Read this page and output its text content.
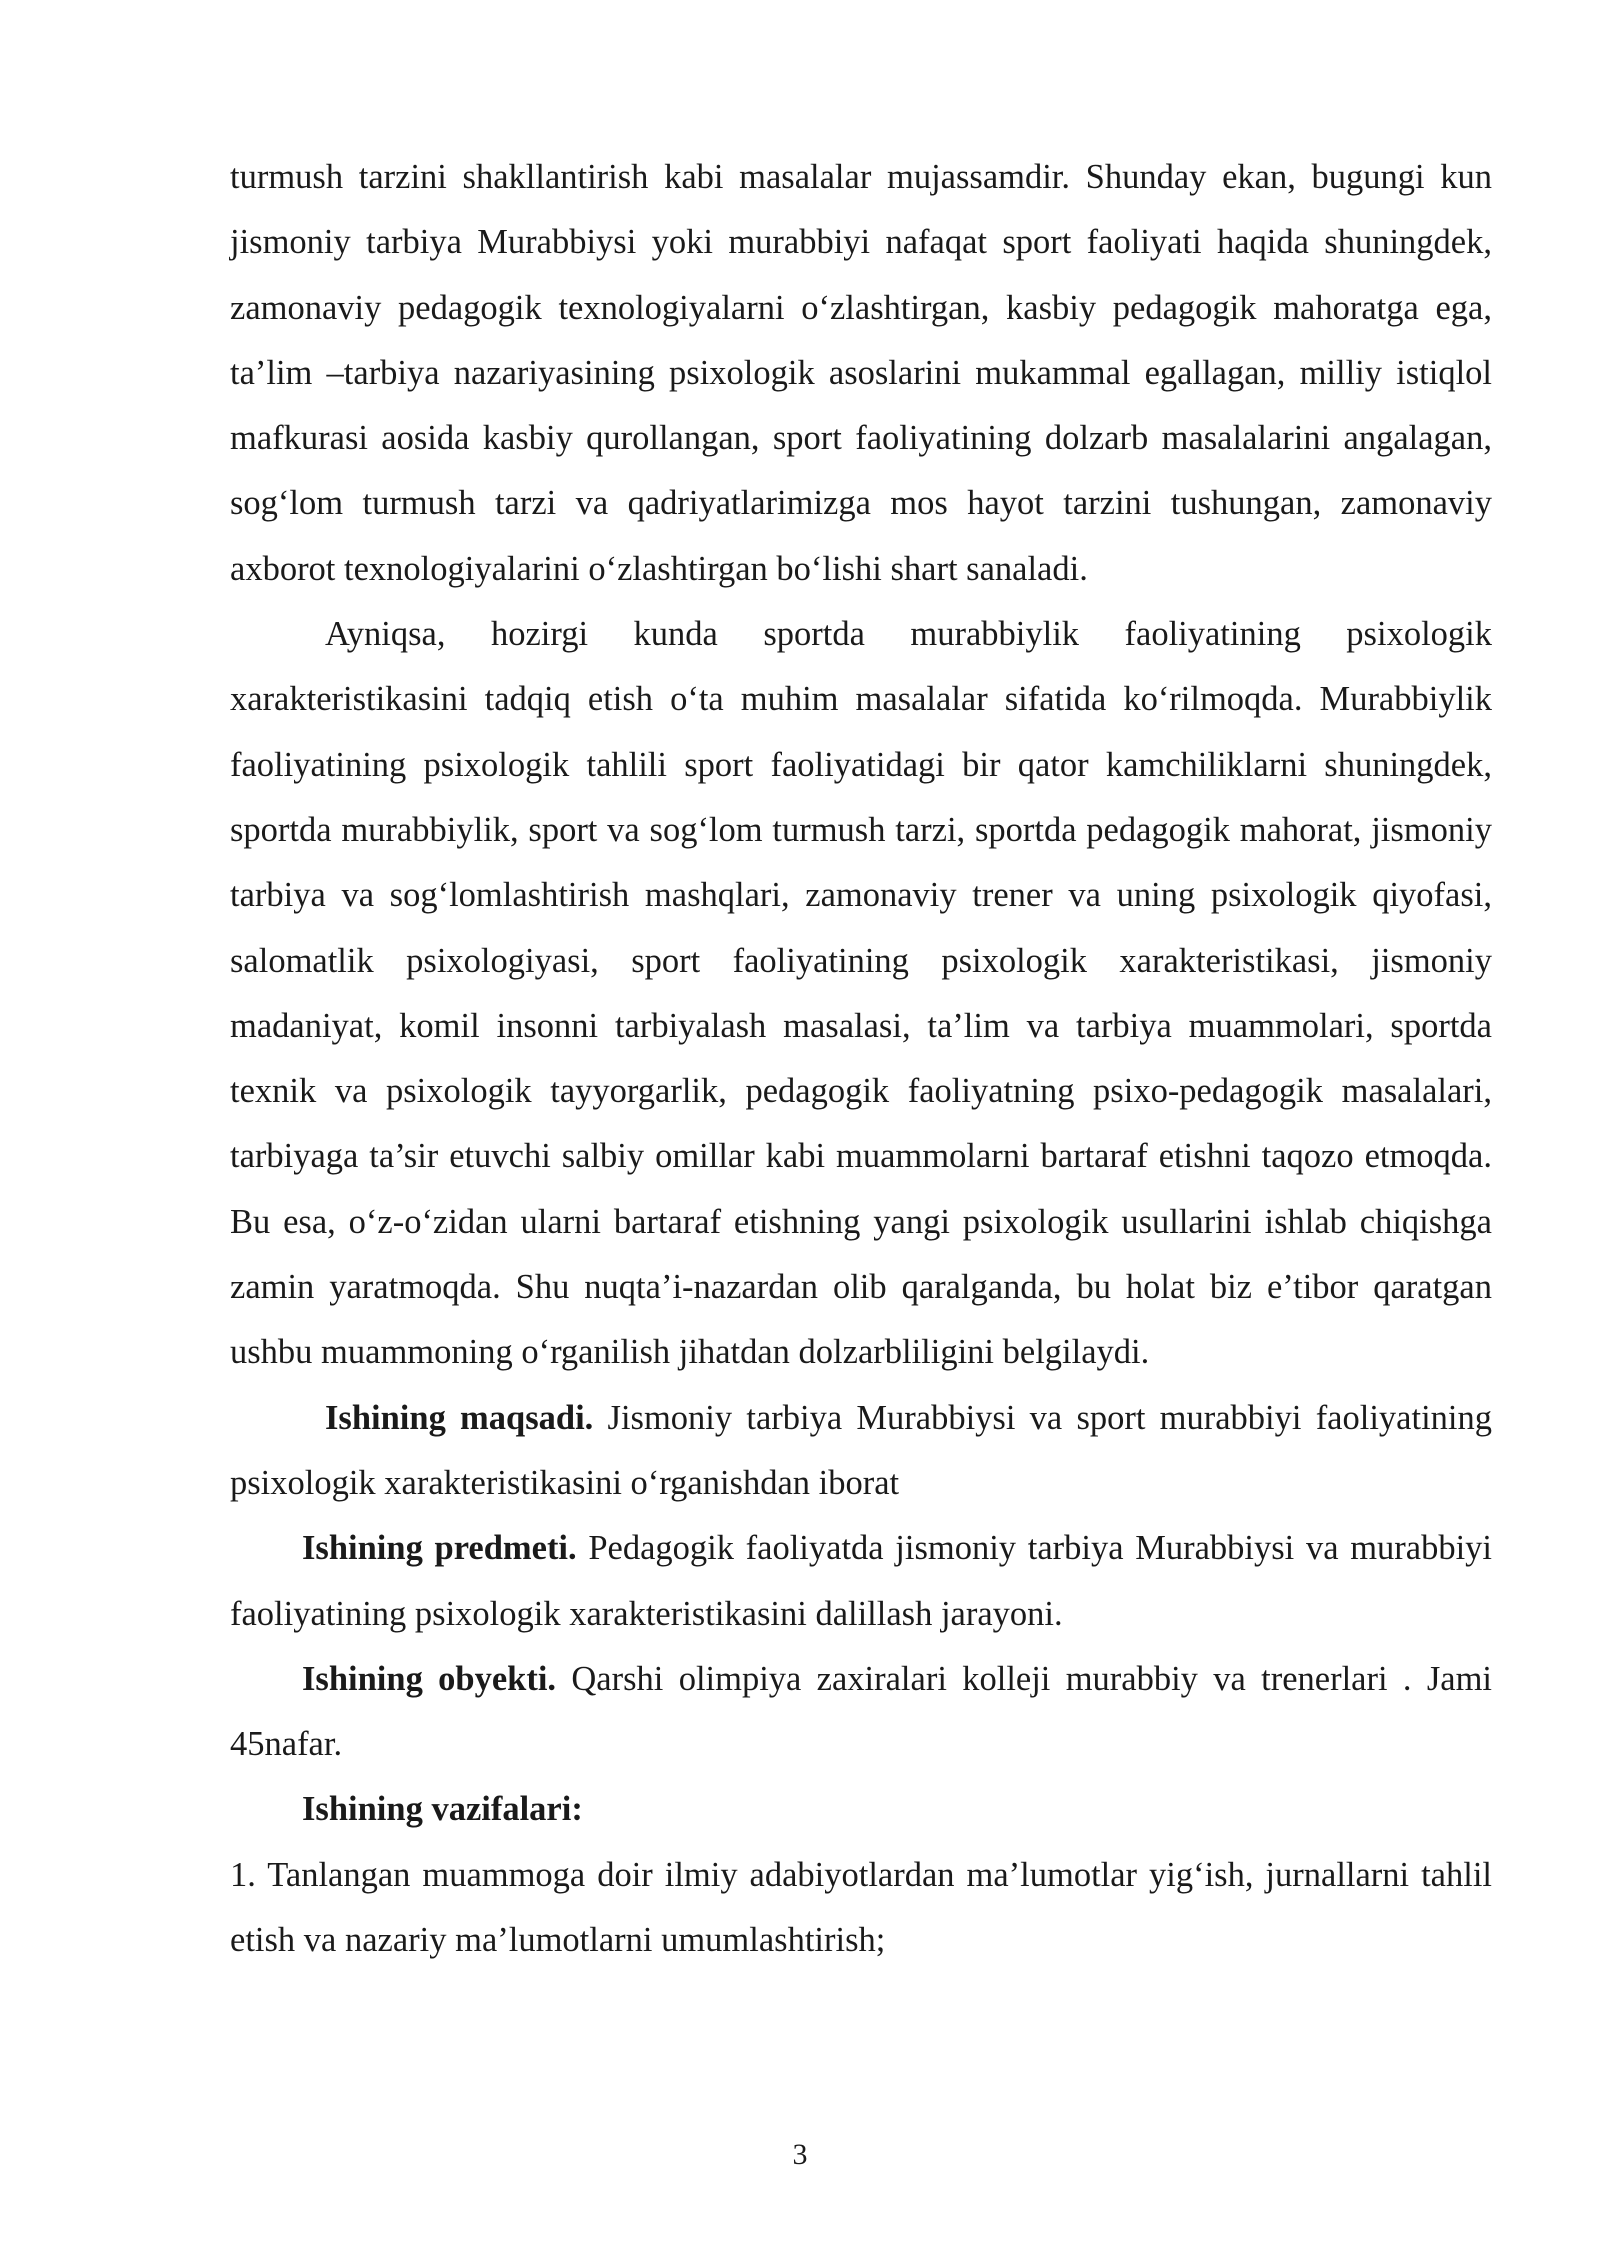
turmush tarzini shakllantirish kabi masalalar mujassamdir. Shunday ekan, bugungi kun jismoniy tarbiya Murabbiysi yoki murabbiyi nafaqat sport faoliyati haqida shuningdek, zamonaviy pedagogik texnologiyalarni o‘zlashtirgan, kasbiy pedagogik mahoratga ega, ta’lim –tarbiya nazariyasining psixologik asoslarini mukammal egallagan, milliy istiqlol mafkurasi aosida kasbiy qurollangan, sport faoliyatining dolzarb masalalarini angalagan, sog‘lom turmush tarzi va qadriyatlarimizga mos hayot tarzini tushungan, zamonaviy axborot texnologiyalarini o‘zlashtirgan bo‘lishi shart sanaladi.

Ayniqsa, hozirgi kunda sportda murabbiylik faoliyatining psixologik xarakteristikasini tadqiq etish o‘ta muhim masalalar sifatida ko‘rilmoqda. Murabbiylik faoliyatining psixologik tahlili sport faoliyatidagi bir qator kamchiliklarni shuningdek, sportda murabbiylik, sport va sog‘lom turmush tarzi, sportda pedagogik mahorat, jismoniy tarbiya va sog‘lomlashtirish mashqlari, zamonaviy trener va uning psixologik qiyofasi, salomatlik psixologiyasi, sport faoliyatining psixologik xarakteristikasi, jismoniy madaniyat, komil insonni tarbiyalash masalasi, ta’lim va tarbiya muammolari, sportda texnik va psixologik tayyorgarlik, pedagogik faoliyatning psixo-pedagogik masalalari, tarbiyaga ta’sir etuvchi salbiy omillar kabi muammolarni bartaraf etishni taqozo etmoqda. Bu esa, o‘z-o‘zidan ularni bartaraf etishning yangi psixologik usullarini ishlab chiqishga zamin yaratmoqda. Shu nuqta’i-nazardan olib qaralganda, bu holat biz e’tibor qaratgan ushbu muammoning o‘rganilish jihatdan dolzarbliligini belgilaydi.

Ishining maqsadi. Jismoniy tarbiya Murabbiysi va sport murabbiyi faoliyatining psixologik xarakteristikasini o‘rganishdan iborat

Ishining predmeti. Pedagogik faoliyatda jismoniy tarbiya Murabbiysi va murabbiyi faoliyatining psixologik xarakteristikasini dalillash jarayoni.

Ishining obyekti. Qarshi olimpiya zaxiralari kolleji murabbiy va trenerlari . Jami 45nafar.

Ishining vazifalari:

1. Tanlangan muammoga doir ilmiy adabiyotlardan ma’lumotlar yig‘ish, jurnallarni tahlil etish va nazariy ma’lumotlarni umumlashtirish;

3
